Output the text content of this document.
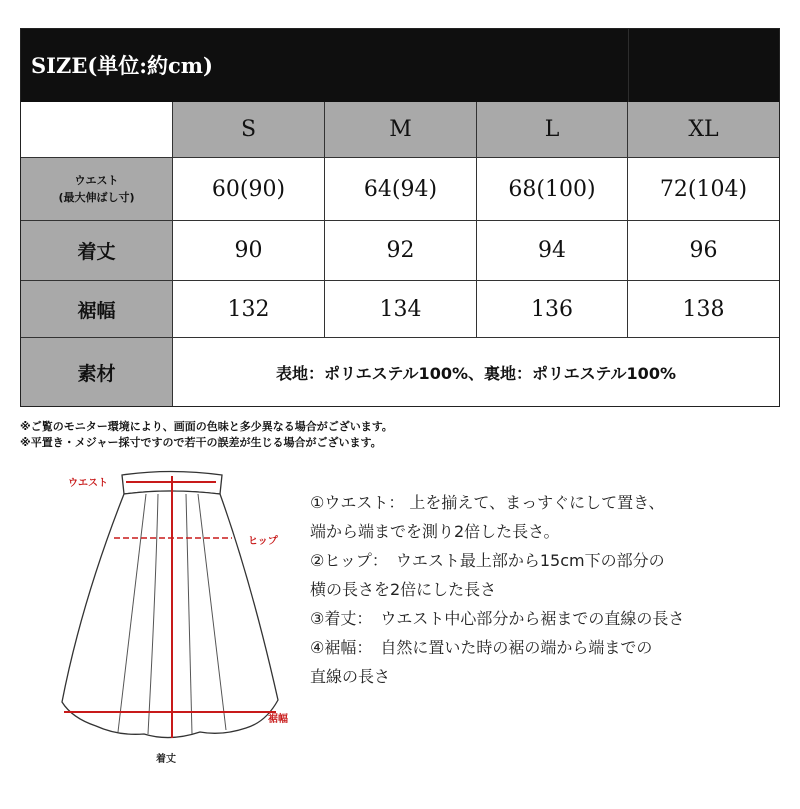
SIZE(単位:約cm)
S	M	L	XL
ウエスト
(最大伸ばし寸)	60(90)	64(94)	68(100)	72(104)
着丈	90	92	94	96
裾幅	132	134	136	138
素材	表地：ポリエステル100%、裏地：ポリエステル100%
※ご覧のモニター環境により、画面の色味と多少異なる場合がございます。
※平置き・メジャー採寸ですので若干の誤差が生じる場合がございます。
ウエスト
ヒップ
裾幅
着丈
①ウエスト： 上を揃えて、まっすぐにして置き、
端から端までを測り2倍した長さ。
②ヒップ：　ウエスト最上部から15cm下の部分の
横の長さを2倍にした長さ
③着丈：　ウエスト中心部分から裾までの直線の長さ
④裾幅：　自然に置いた時の裾の端から端までの
直線の長さ
